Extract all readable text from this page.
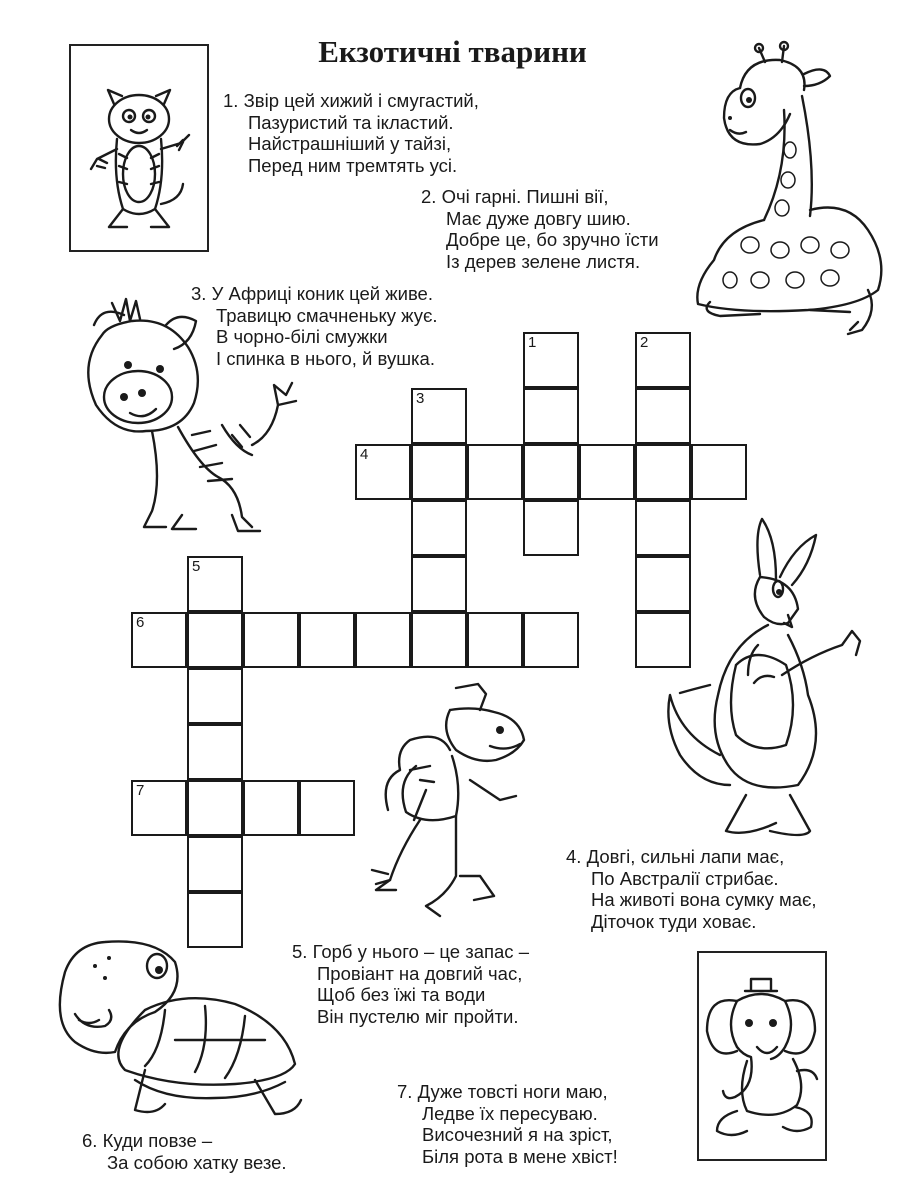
Екзотичні тварини
1. Звір цей хижий і смугастий,
Пазуристий та ікластий.
Найстрашніший у тайзі,
Перед ним тремтять усі.
2. Очі гарні. Пишні вії,
Має дуже довгу шию.
Добре це, бо зручно їсти
Із дерев зелене листя.
3. У Африці коник цей живе.
Травицю смачненьку жує.
В чорно-білі смужки
І спинка в нього, й вушка.
4. Довгі, сильні лапи має,
По Австралії стрибає.
На животі вона сумку має,
Діточок туди ховає.
5. Горб у нього – це запас –
Провіант на довгий час,
Щоб без їжі та води
Він пустелю міг пройти.
6. Куди повзе –
За собою хатку везе.
7. Дуже товсті ноги маю,
Ледве їх пересуваю.
Височезний я на зріст,
Біля рота в мене хвіст!
1	2
3
4
5
6
7
